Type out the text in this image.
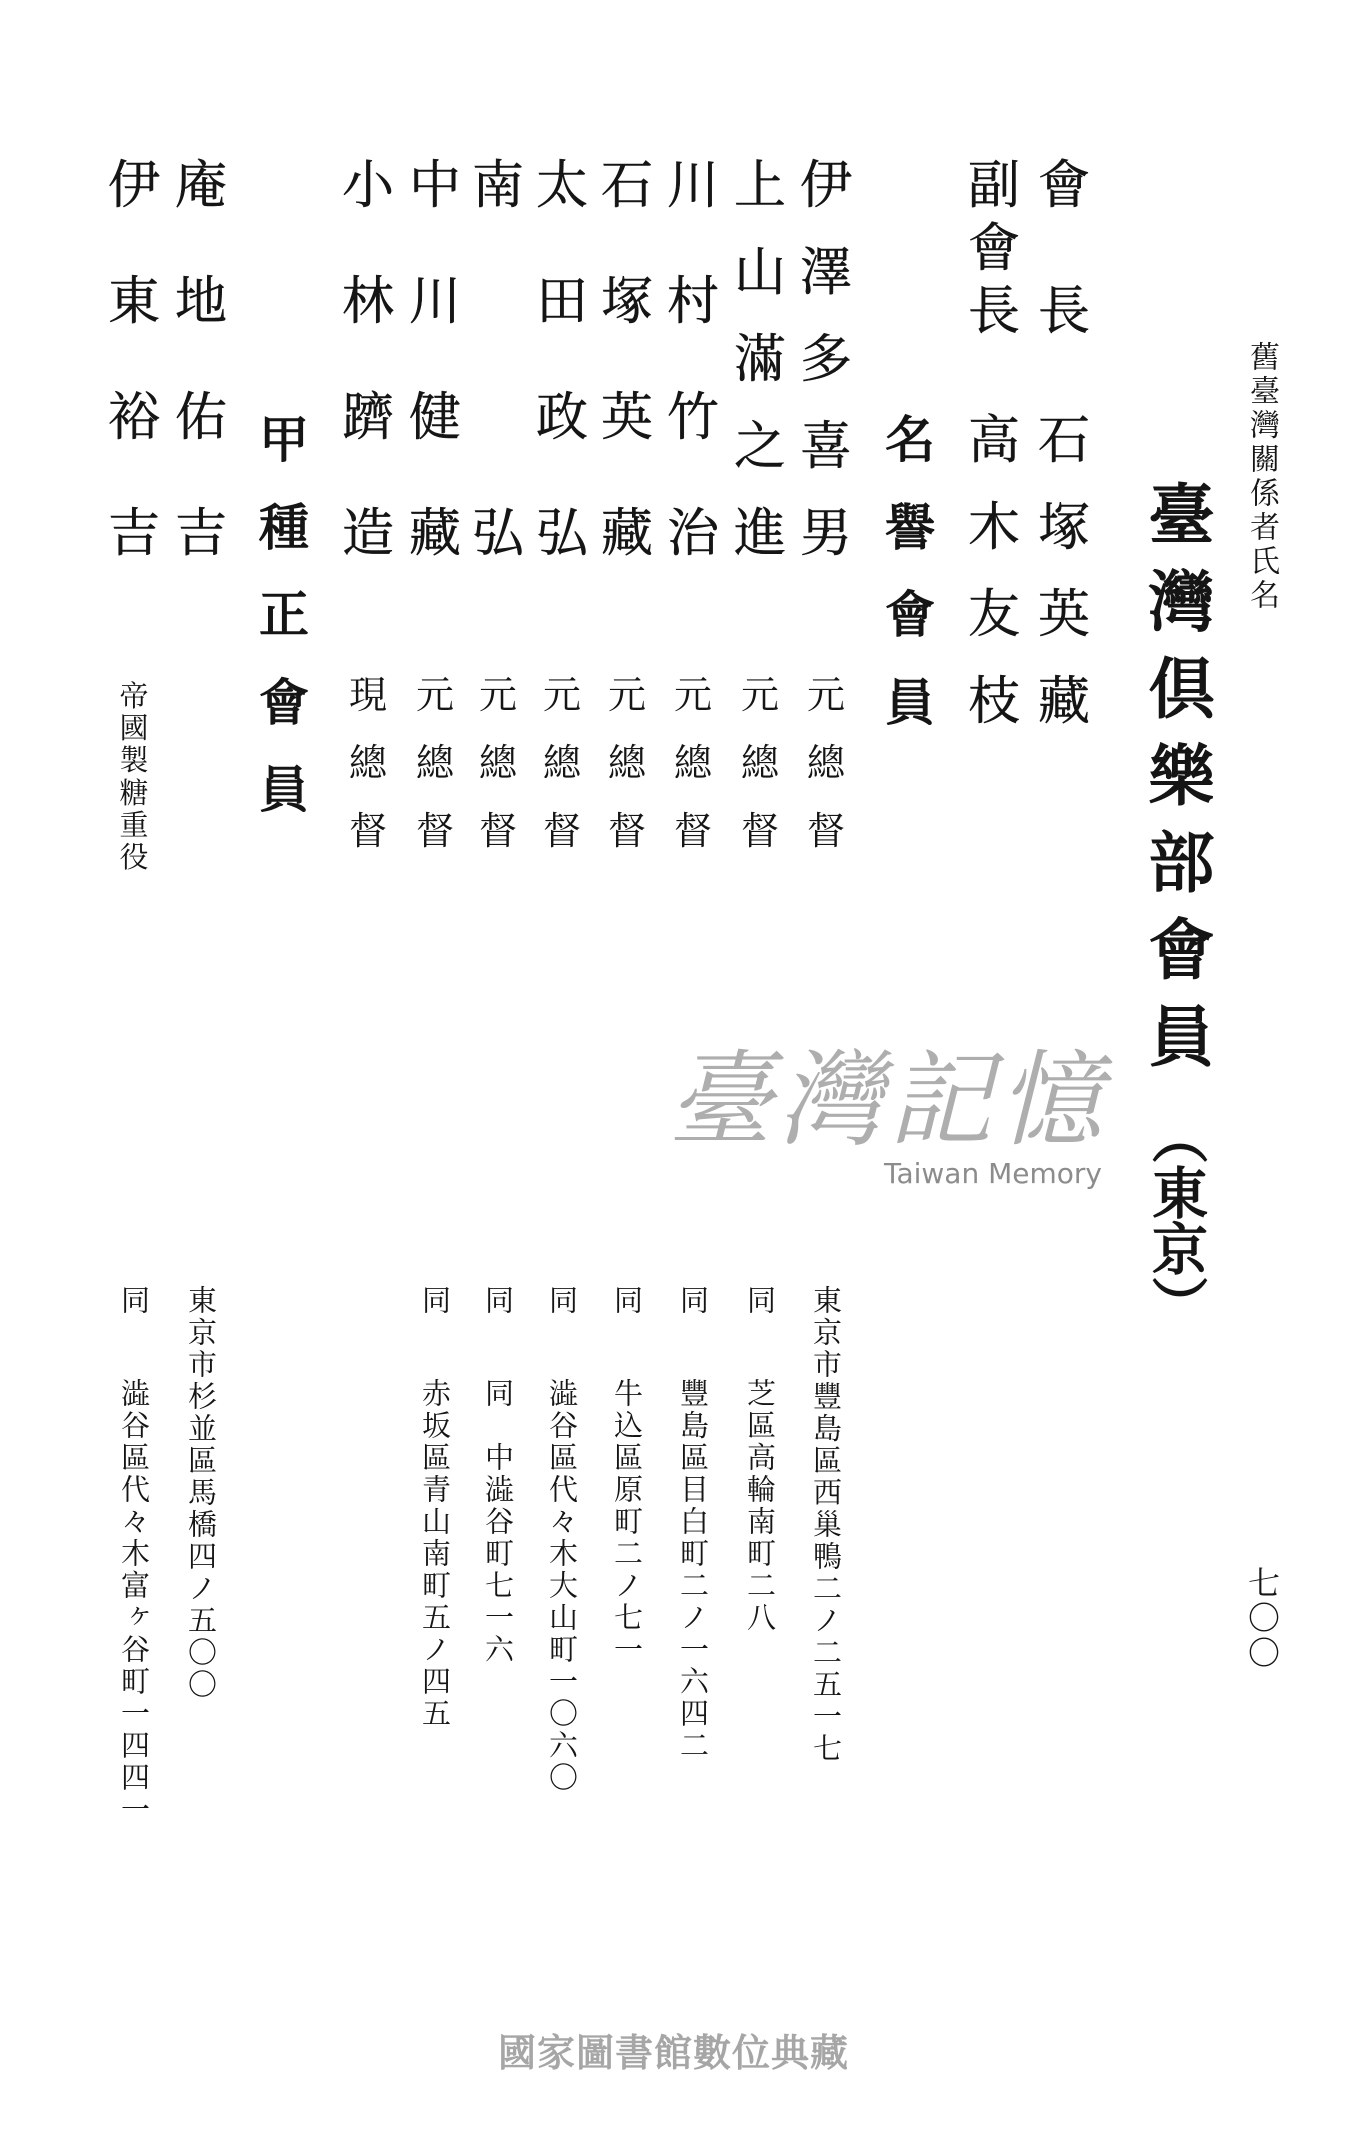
舊臺灣關係者氏名
七〇〇
臺灣倶樂部會員
（東京）
會
長
石
塚
英
藏
副
會
長
高
木
友
枝
名
譽
會
員
伊
澤
多
喜
男
元
總
督
東京市豐島區西巢鴨二ノ二五一七
上
山
滿
之
進
元
總
督
同
芝區高輪南町二八
川
村
竹
治
元
總
督
同
豐島區目白町二ノ一六四二
石
塚
英
藏
元
總
督
同
牛込區原町二ノ七一
太
田
政
弘
元
總
督
同
澁谷區代々木大山町一〇六〇
南
弘
元
總
督
同
同　中澁谷町七一六
中
川
健
藏
元
總
督
同
赤坂區青山南町五ノ四五
小
林
躋
造
現
總
督
甲
種
正
會
員
庵
地
佑
吉
東京市杉並區馬橋四ノ五〇〇
伊
東
裕
吉
帝
國
製
糖
重
役
同
澁谷區代々木富ヶ谷町一四四一
臺灣記憶
Taiwan Memory
國家圖書館數位典藏
